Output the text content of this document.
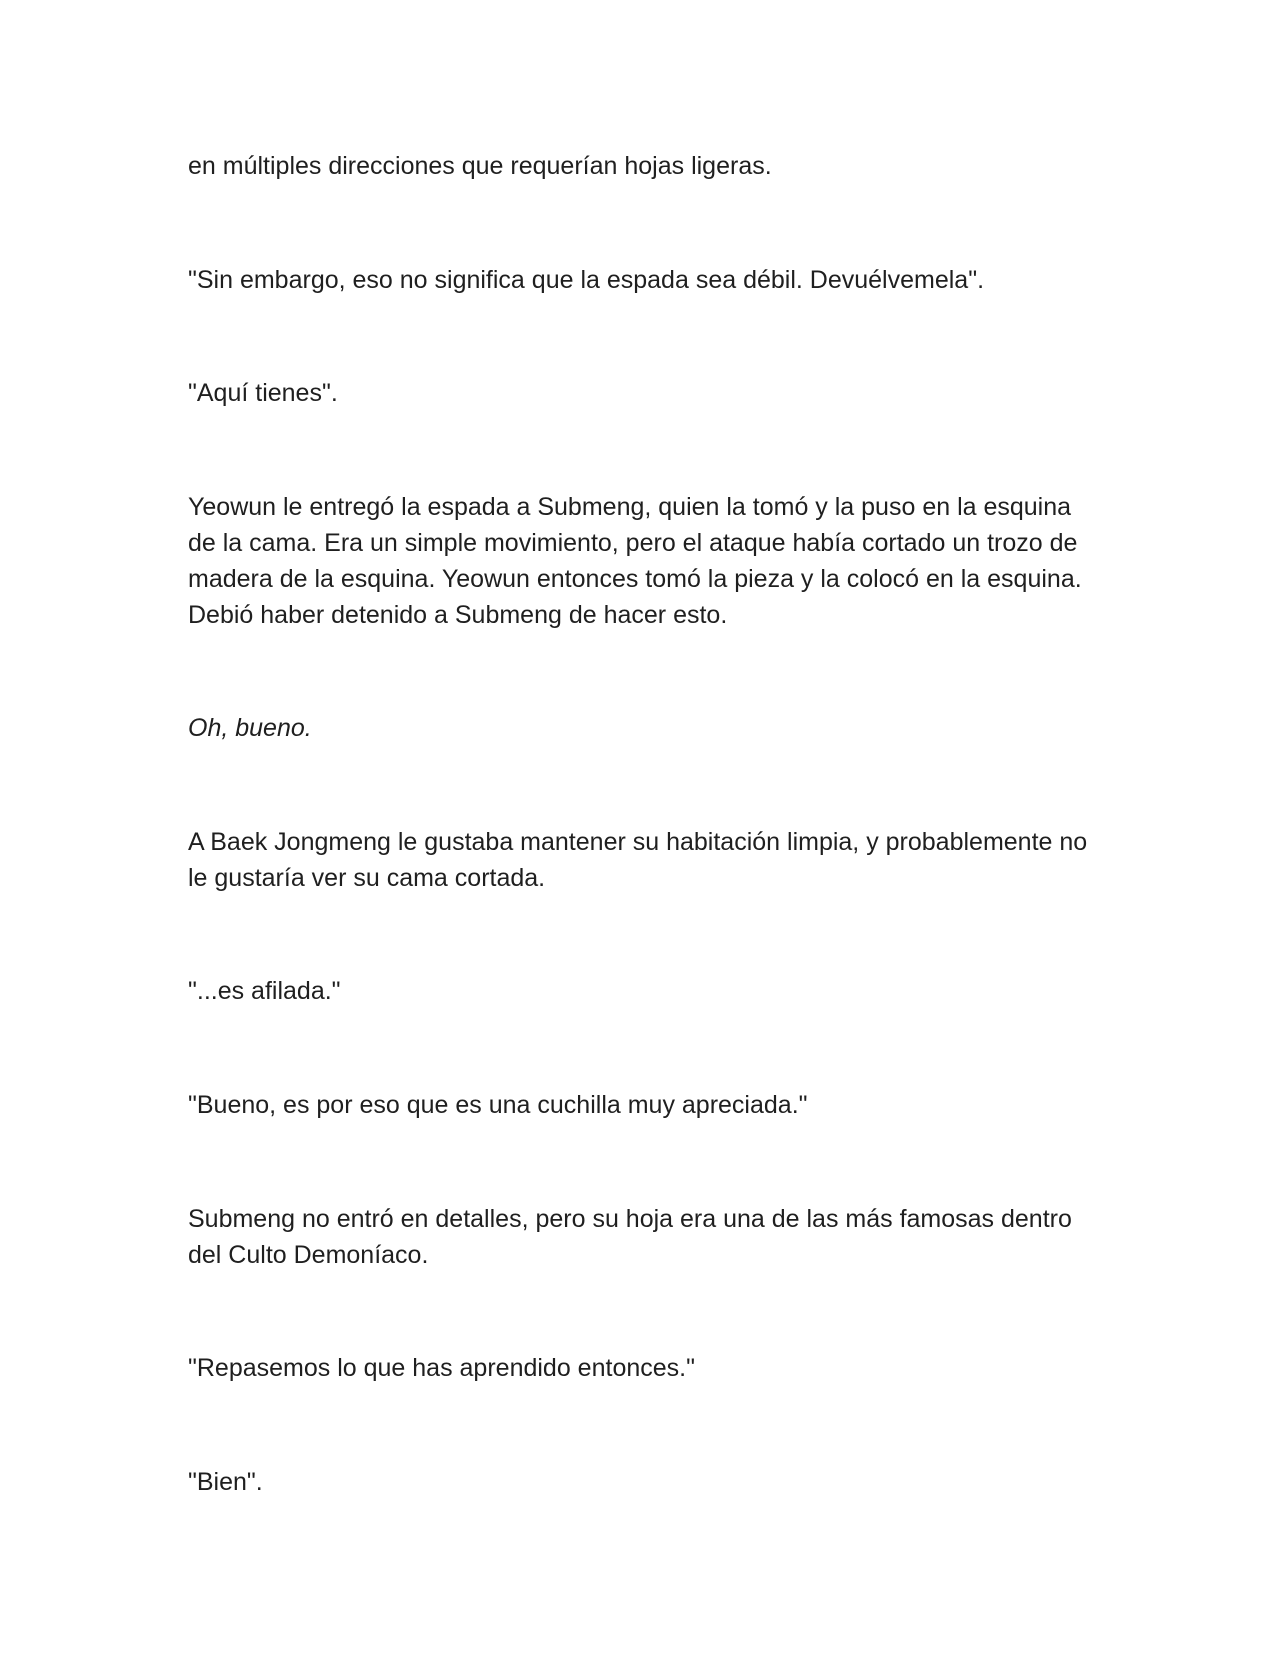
en múltiples direcciones que requerían hojas ligeras.

"Sin embargo, eso no significa que la espada sea débil. Devuélvemela".

"Aquí tienes".

Yeowun le entregó la espada a Submeng, quien la tomó y la puso en la esquina de la cama. Era un simple movimiento, pero el ataque había cortado un trozo de madera de la esquina. Yeowun entonces tomó la pieza y la colocó en la esquina. Debió haber detenido a Submeng de hacer esto.

Oh, bueno.

A Baek Jongmeng le gustaba mantener su habitación limpia, y probablemente no le gustaría ver su cama cortada.

"...es afilada."

"Bueno, es por eso que es una cuchilla muy apreciada."

Submeng no entró en detalles, pero su hoja era una de las más famosas dentro del Culto Demoníaco.

"Repasemos lo que has aprendido entonces."

"Bien".
